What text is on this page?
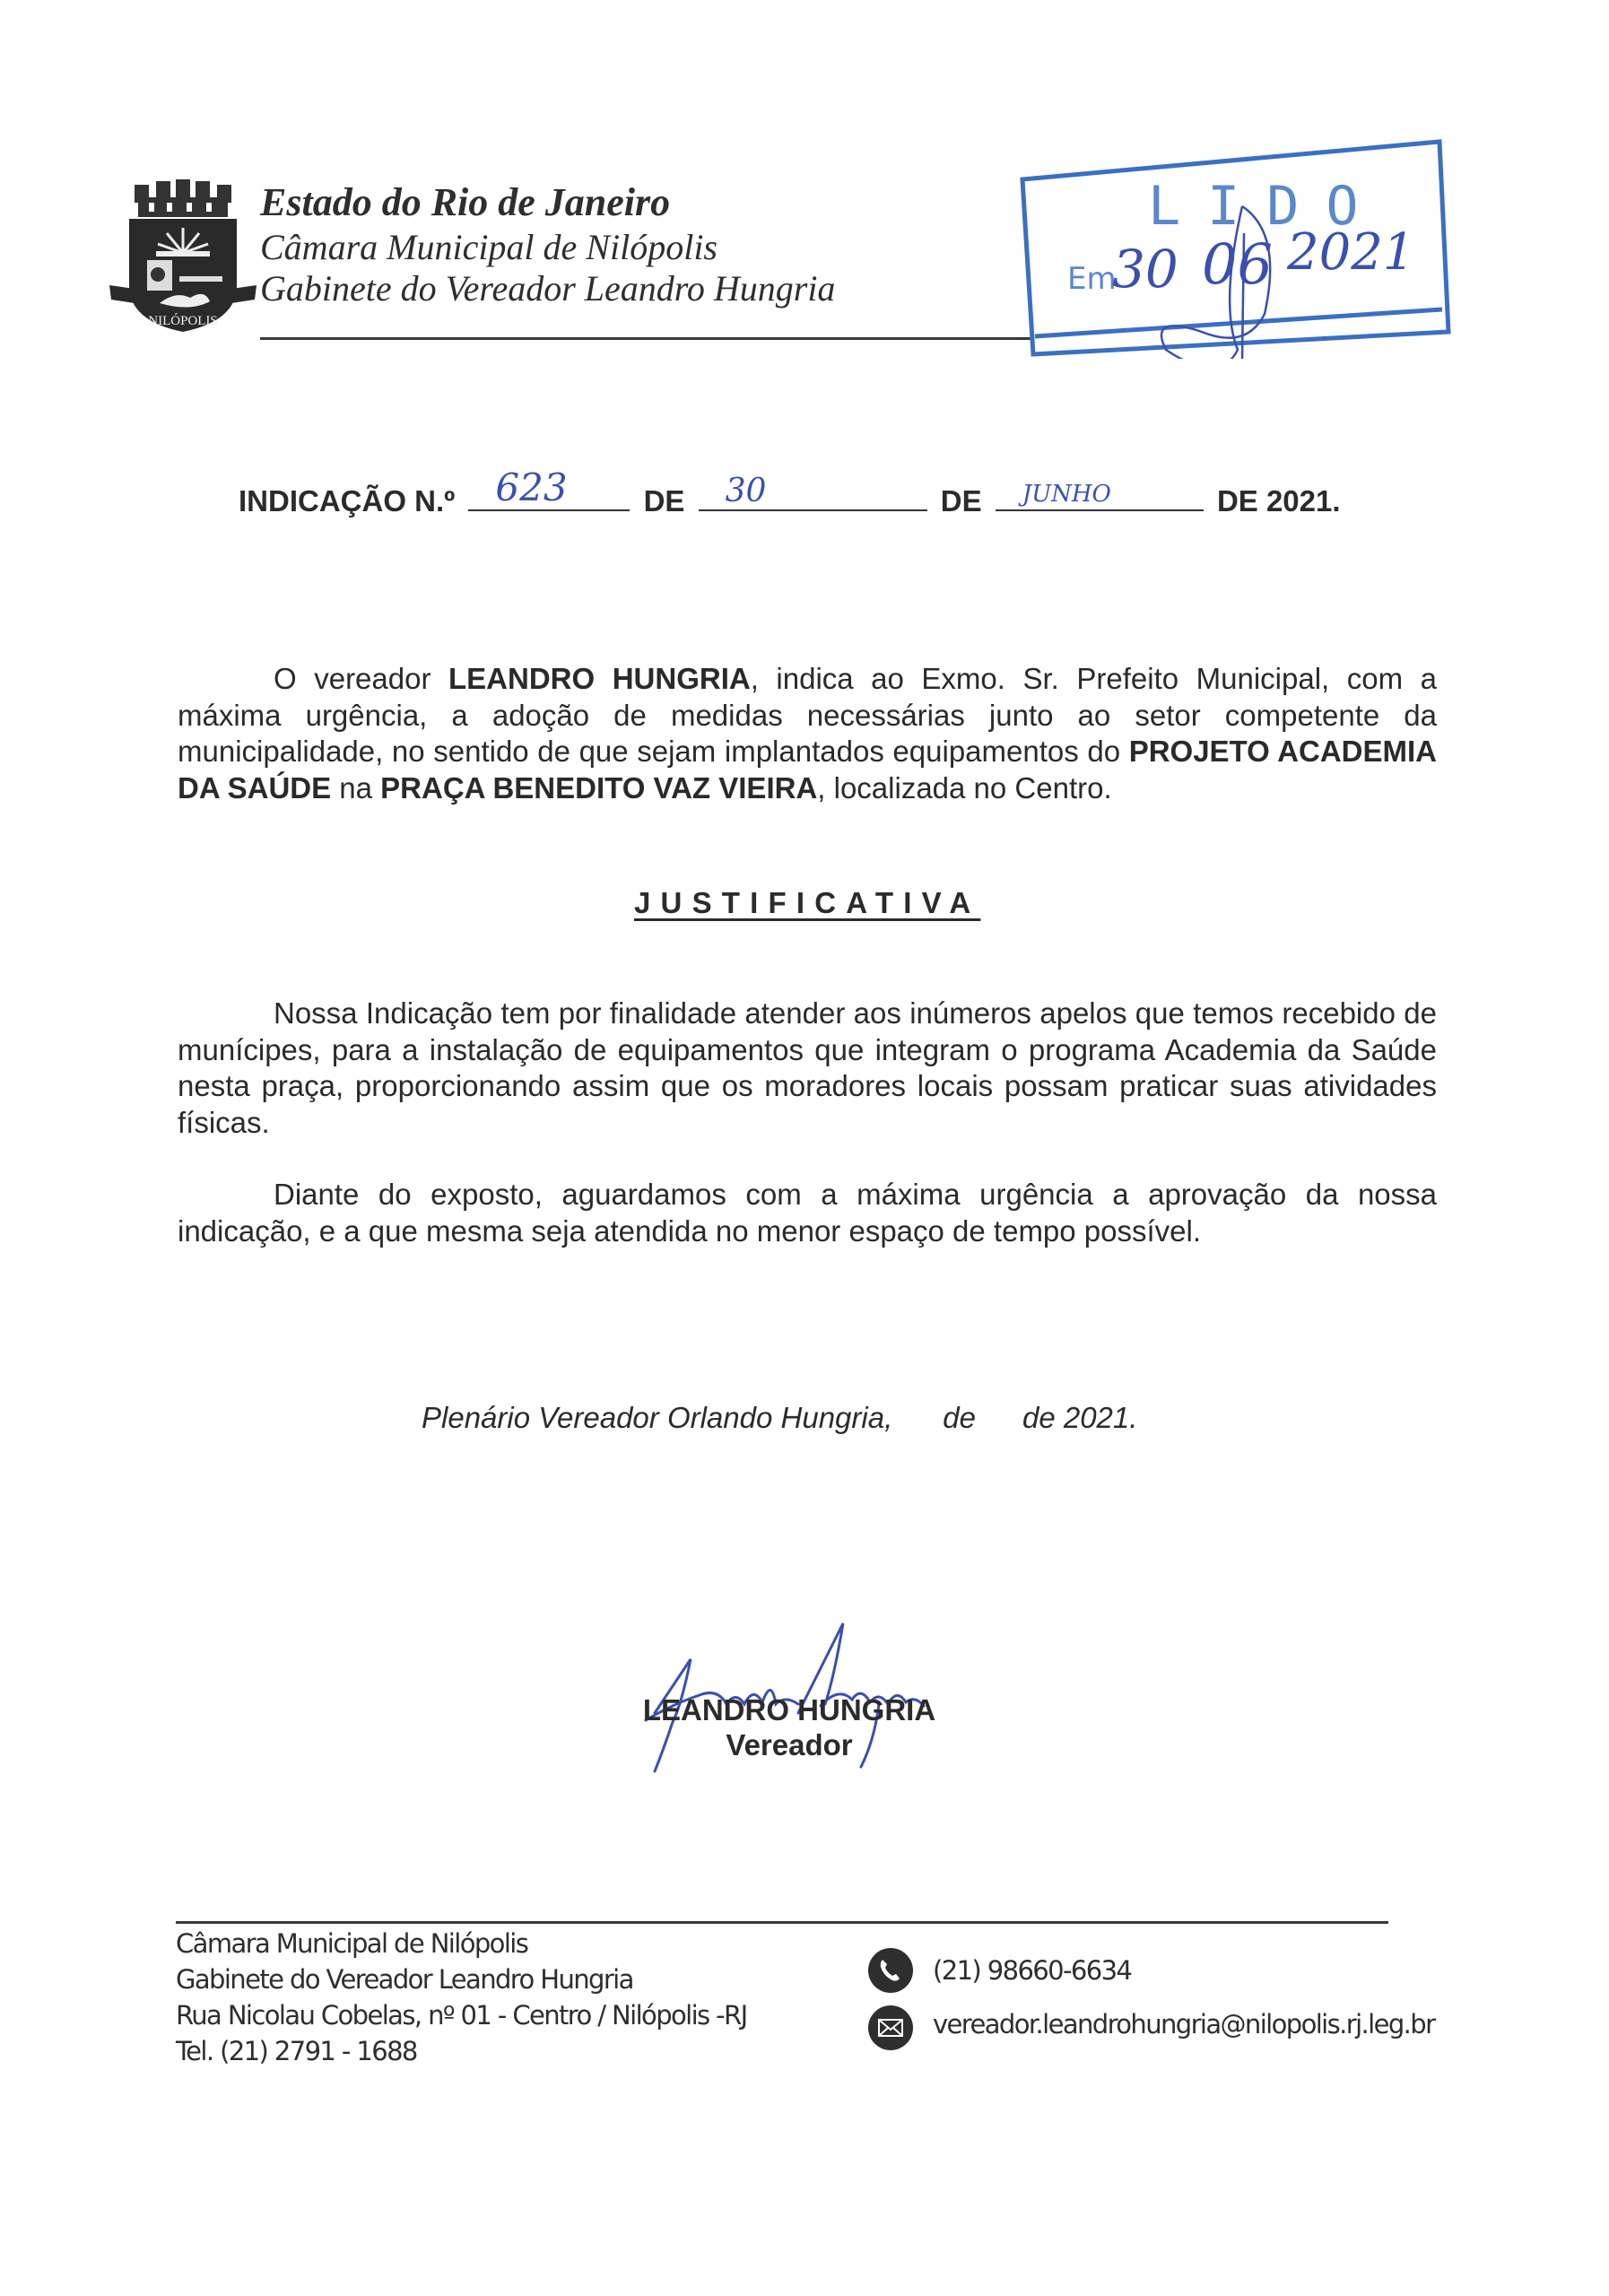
NILÓPOLIS
Estado do Rio de Janeiro
Câmara Municipal de Nilópolis
Gabinete do Vereador Leandro Hungria
LIDO
Em
30 06 2021
INDICAÇÃO N.º 623	DE 30	DE JUNHO	DE 2021.
O vereador LEANDRO HUNGRIA, indica ao Exmo. Sr. Prefeito Municipal, com a máxima urgência, a adoção de medidas necessárias junto ao setor competente da municipalidade, no sentido de que sejam implantados equipamentos do PROJETO ACADEMIA DA SAÚDE na PRAÇA BENEDITO VAZ VIEIRA, localizada no Centro.
JUSTIFICATIVA
Nossa Indicação tem por finalidade atender aos inúmeros apelos que temos recebido de munícipes, para a instalação de equipamentos que integram o programa Academia da Saúde nesta praça, proporcionando assim que os moradores locais possam praticar suas atividades físicas.
Diante do exposto, aguardamos com a máxima urgência a aprovação da nossa indicação, e a que mesma seja atendida no menor espaço de tempo possível.
Plenário Vereador Orlando Hungria, de de 2021.
LEANDRO HUNGRIA
Vereador
Câmara Municipal de Nilópolis
Gabinete do Vereador Leandro Hungria
Rua Nicolau Cobelas, nº 01 - Centro / Nilópolis -RJ
Tel. (21) 2791 - 1688
(21) 98660-6634
vereador.leandrohungria@nilopolis.rj.leg.br
